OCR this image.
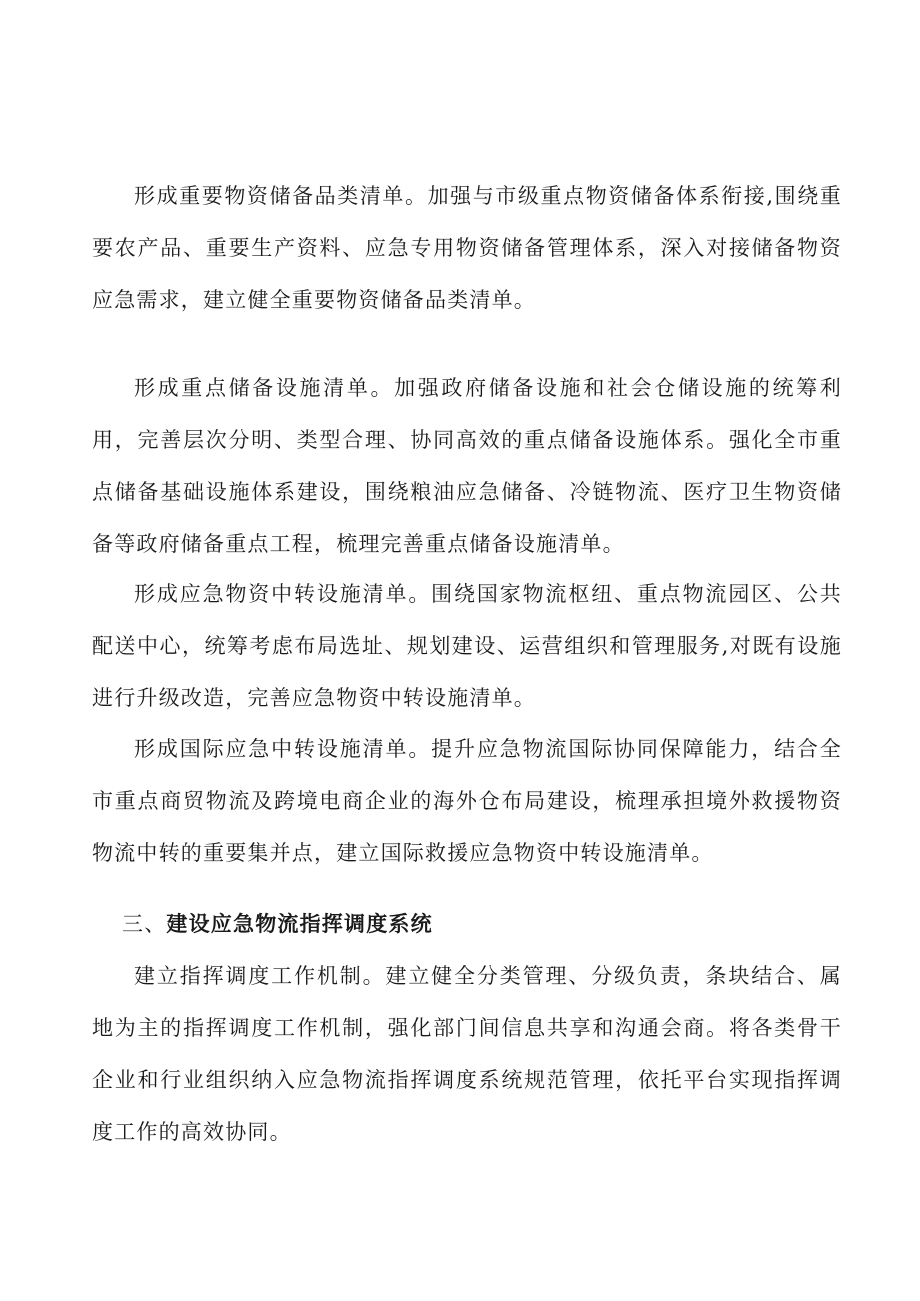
形成重要物资储备品类清单。加强与市级重点物资储备体系衔接,围绕重要农产品、重要生产资料、应急专用物资储备管理体系，深入对接储备物资应急需求，建立健全重要物资储备品类清单。

形成重点储备设施清单。加强政府储备设施和社会仓储设施的统筹利用，完善层次分明、类型合理、协同高效的重点储备设施体系。强化全市重点储备基础设施体系建设，围绕粮油应急储备、冷链物流、医疗卫生物资储备等政府储备重点工程，梳理完善重点储备设施清单。

形成应急物资中转设施清单。围绕国家物流枢纽、重点物流园区、公共配送中心，统筹考虑布局选址、规划建设、运营组织和管理服务,对既有设施进行升级改造，完善应急物资中转设施清单。

形成国际应急中转设施清单。提升应急物流国际协同保障能力，结合全市重点商贸物流及跨境电商企业的海外仓布局建设，梳理承担境外救援物资物流中转的重要集并点，建立国际救援应急物资中转设施清单。

三、建设应急物流指挥调度系统

建立指挥调度工作机制。建立健全分类管理、分级负责，条块结合、属地为主的指挥调度工作机制，强化部门间信息共享和沟通会商。将各类骨干企业和行业组织纳入应急物流指挥调度系统规范管理，依托平台实现指挥调度工作的高效协同。
